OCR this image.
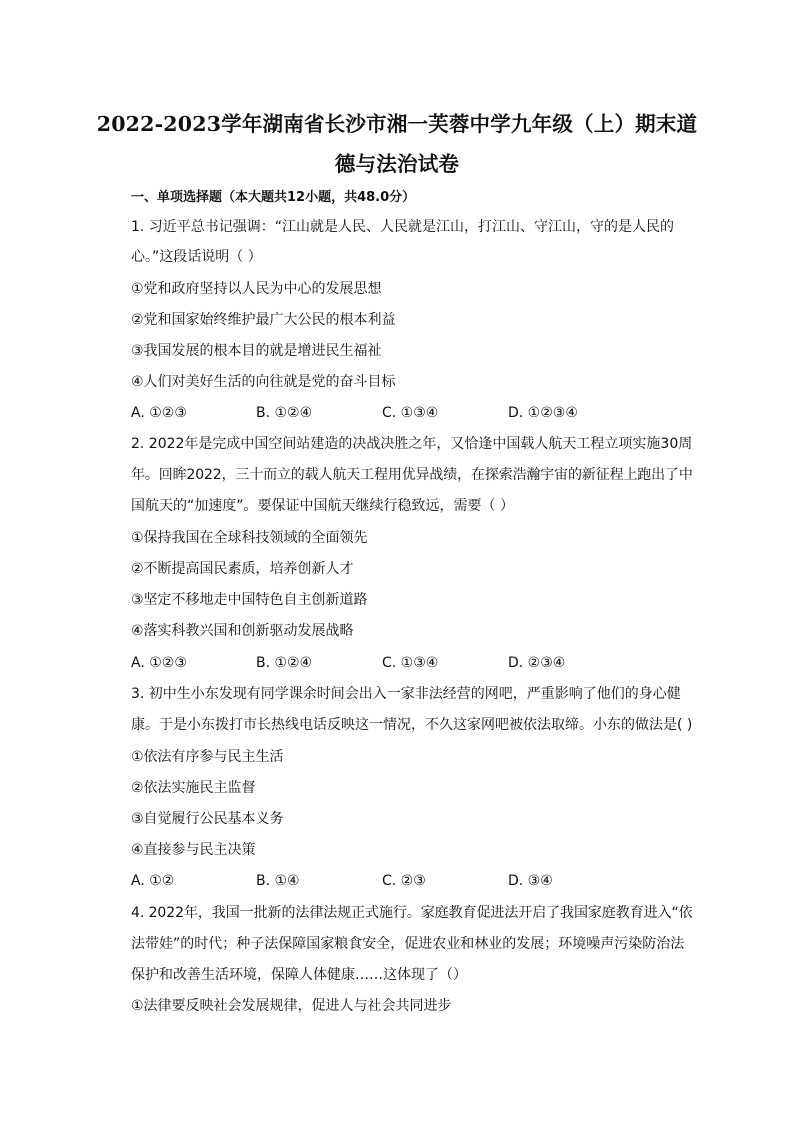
2022-2023学年湖南省长沙市湘一芙蓉中学九年级（上）期末道
德与法治试卷
一、单项选择题（本大题共12小题，共48.0分）
1. 习近平总书记强调：“江山就是人民、人民就是江山，打江山、守江山，守的是人民的
心。”这段话说明（ ）
①党和政府坚持以人民为中心的发展思想
②党和国家始终维护最广大公民的根本利益
③我国发展的根本目的就是增进民生福祉
④人们对美好生活的向往就是党的奋斗目标
A. ①②③	B. ①②④	C. ①③④	D. ①②③④
2. 2022年是完成中国空间站建造的决战决胜之年，又恰逢中国载人航天工程立项实施30周
年。回眸2022，三十而立的载人航天工程用优异战绩，在探索浩瀚宇宙的新征程上跑出了中
国航天的“加速度”。要保证中国航天继续行稳致远，需要（ ）
①保持我国在全球科技领域的全面领先
②不断提高国民素质，培养创新人才
③坚定不移地走中国特色自主创新道路
④落实科教兴国和创新驱动发展战略
A. ①②③	B. ①②④	C. ①③④	D. ②③④
3. 初中生小东发现有同学课余时间会出入一家非法经营的网吧，严重影响了他们的身心健
康。于是小东拨打市长热线电话反映这一情况，不久这家网吧被依法取缔。小东的做法是( )
①依法有序参与民主生活
②依法实施民主监督
③自觉履行公民基本义务
④直接参与民主决策
A. ①②	B. ①④	C. ②③	D. ③④
4. 2022年，我国一批新的法律法规正式施行。家庭教育促进法开启了我国家庭教育进入“依
法带娃”的时代；种子法保障国家粮食安全，促进农业和林业的发展；环境噪声污染防治法
保护和改善生活环境，保障人体健康……这体现了（）
①法律要反映社会发展规律，促进人与社会共同进步
